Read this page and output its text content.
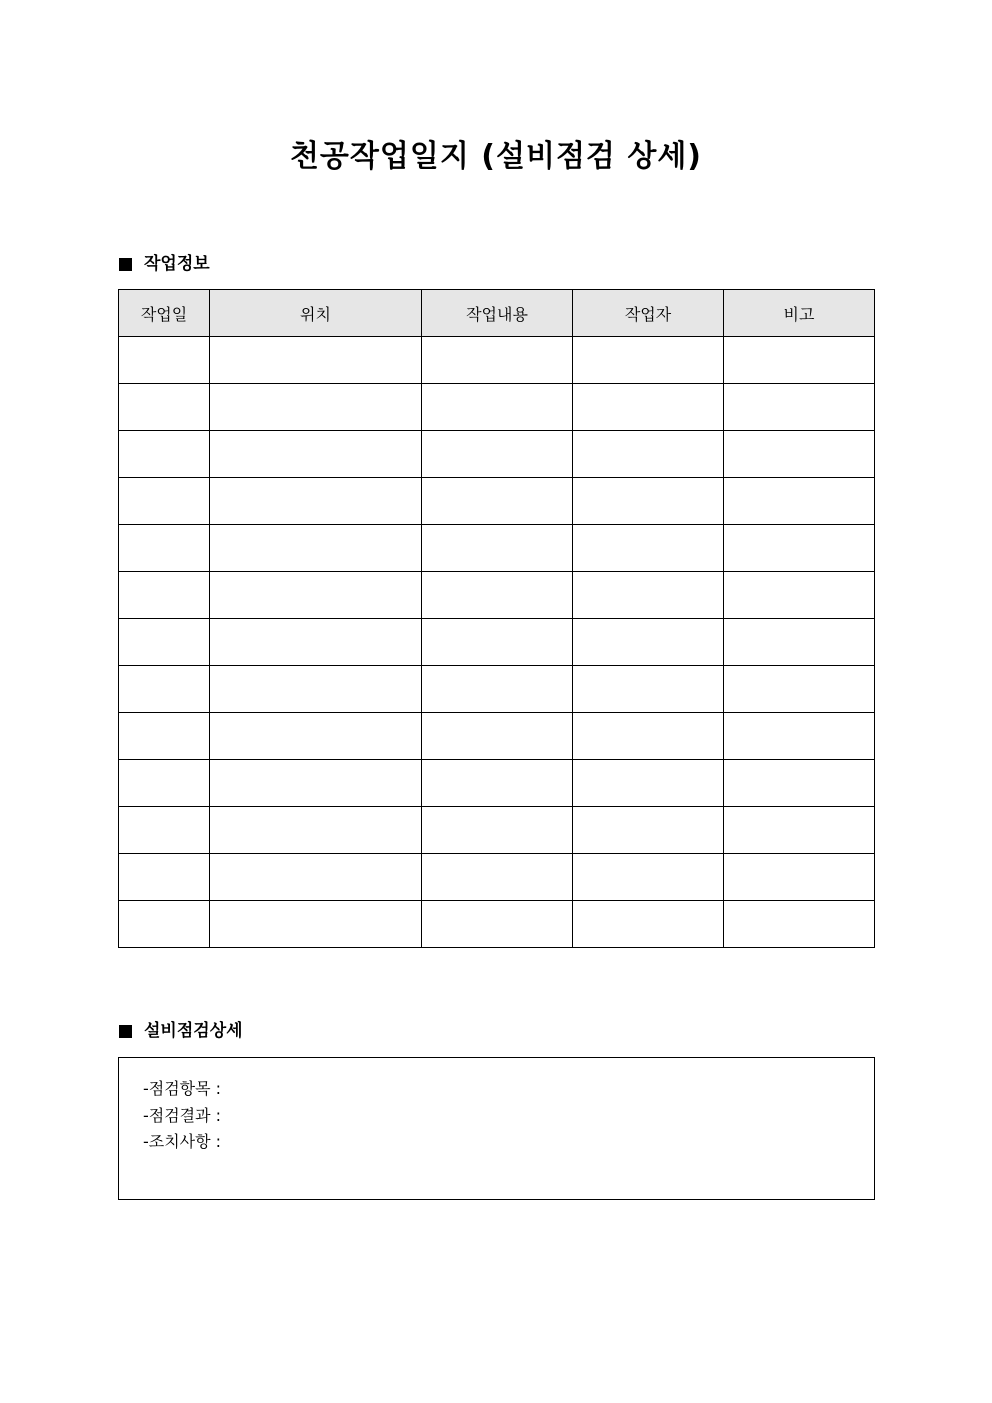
천공작업일지 (설비점검 상세)
작업정보
작업일	위치	작업내용	작업자	비고

설비점검상세
-점검항목 :
-점검결과 :
-조치사항 :
